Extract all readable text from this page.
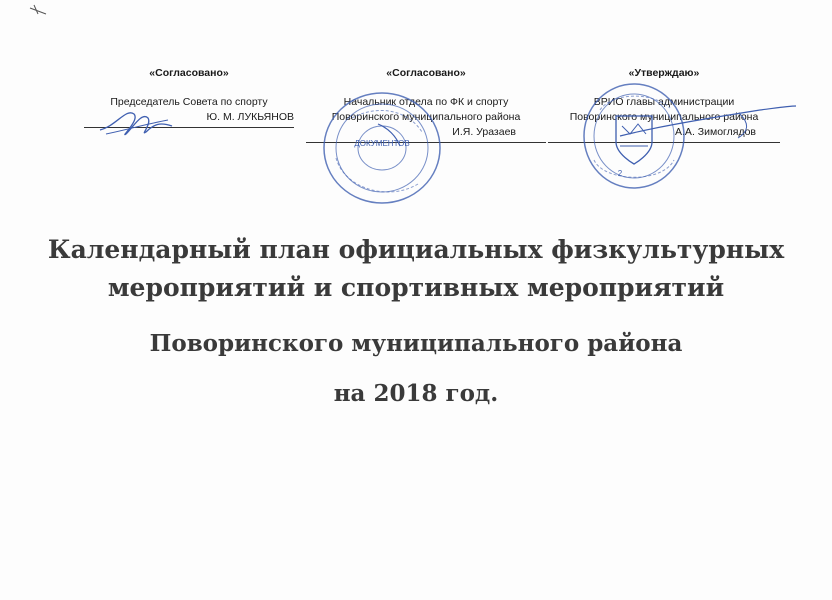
«Согласовано»
Председатель Совета по спорту
Ю. М. ЛУКЬЯНОВ
«Согласовано»
Начальник отдела по ФК и спорту
Поворинского муниципального района
И.Я. Уразаев
«Утверждаю»
ВРИО главы администрации
Поворинского муниципального района
А.А. Зимоглядов
ДОКУМЕНТОВ
2
Календарный план официальных физкультурных
мероприятий и спортивных мероприятий
Поворинского муниципального района
на 2018 год.
